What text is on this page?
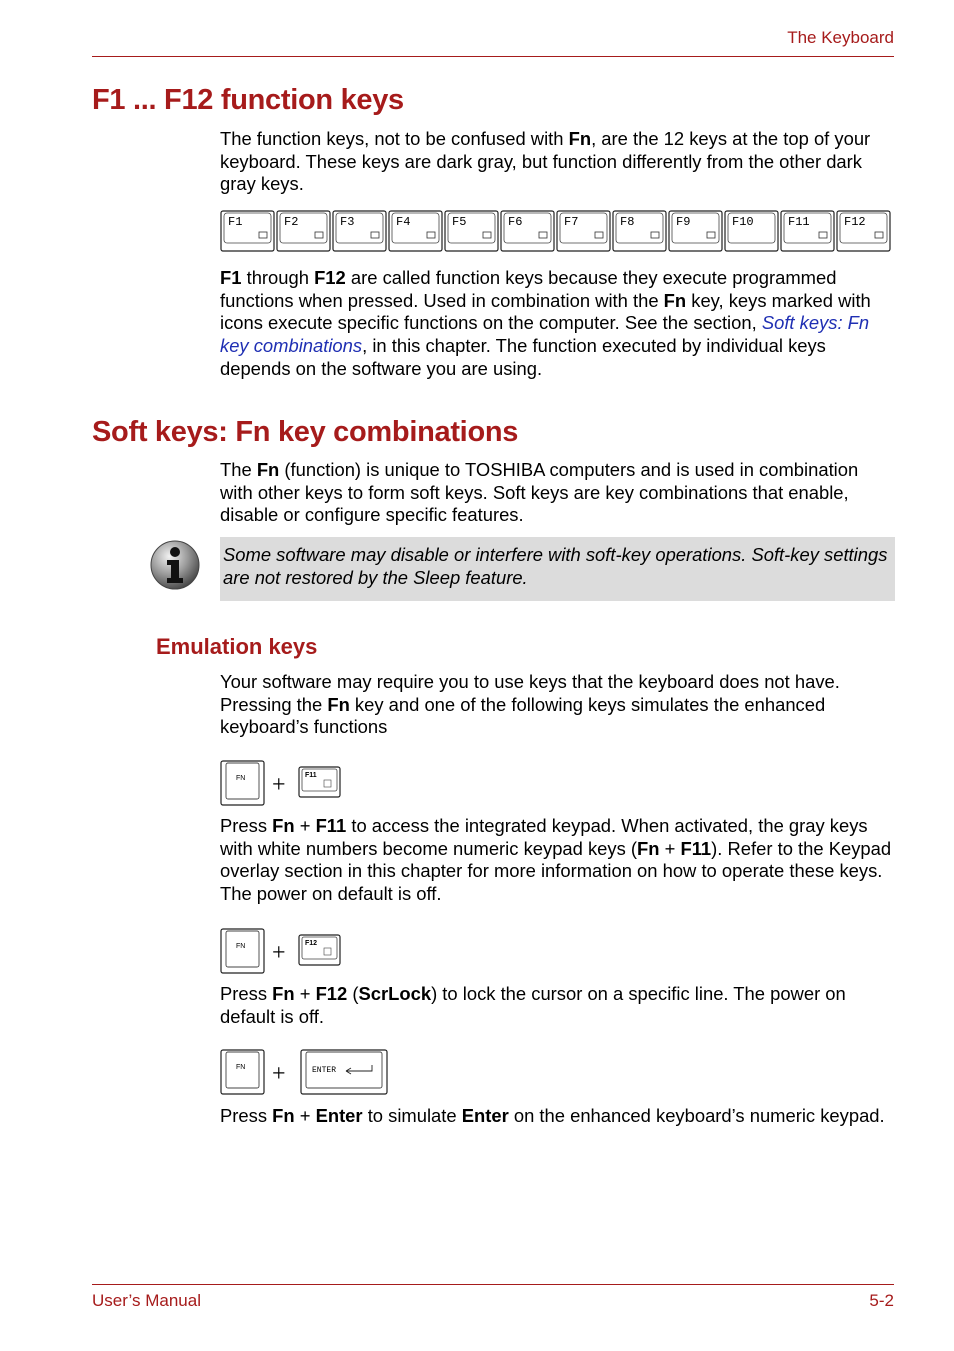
The Keyboard
F1 ... F12 function keys
The function keys, not to be confused with Fn, are the 12 keys at the top of your keyboard. These keys are dark gray, but function differently from the other dark gray keys.
F1	F2	F3	F4	F5	F6	F7	F8	F9	F10	F11	F12
F1 through F12 are called function keys because they execute programmed functions when pressed. Used in combination with the Fn key, keys marked with icons execute specific functions on the computer. See the section, Soft keys: Fn key combinations, in this chapter. The function executed by individual keys depends on the software you are using.
Soft keys: Fn key combinations
The Fn (function) is unique to TOSHIBA computers and is used in combination with other keys to form soft keys. Soft keys are key combinations that enable, disable or configure specific features.

Some software may disable or interfere with soft-key operations. Soft-key settings are not restored by the Sleep feature.

Emulation keys
Your software may require you to use keys that the keyboard does not have. Pressing the Fn key and one of the following keys simulates the enhanced keyboard’s functions
FN +	F11
Press Fn + F11 to access the integrated keypad. When activated, the gray keys with white numbers become numeric keypad keys (Fn + F11). Refer to the Keypad overlay section in this chapter for more information on how to operate these keys. The power on default is off.
FN +	F12
Press Fn + F12 (ScrLock) to lock the cursor on a specific line. The power on default is off.
FN +	ENTER
Press Fn + Enter to simulate Enter on the enhanced keyboard’s numeric keypad.
User’s Manual	5-2
